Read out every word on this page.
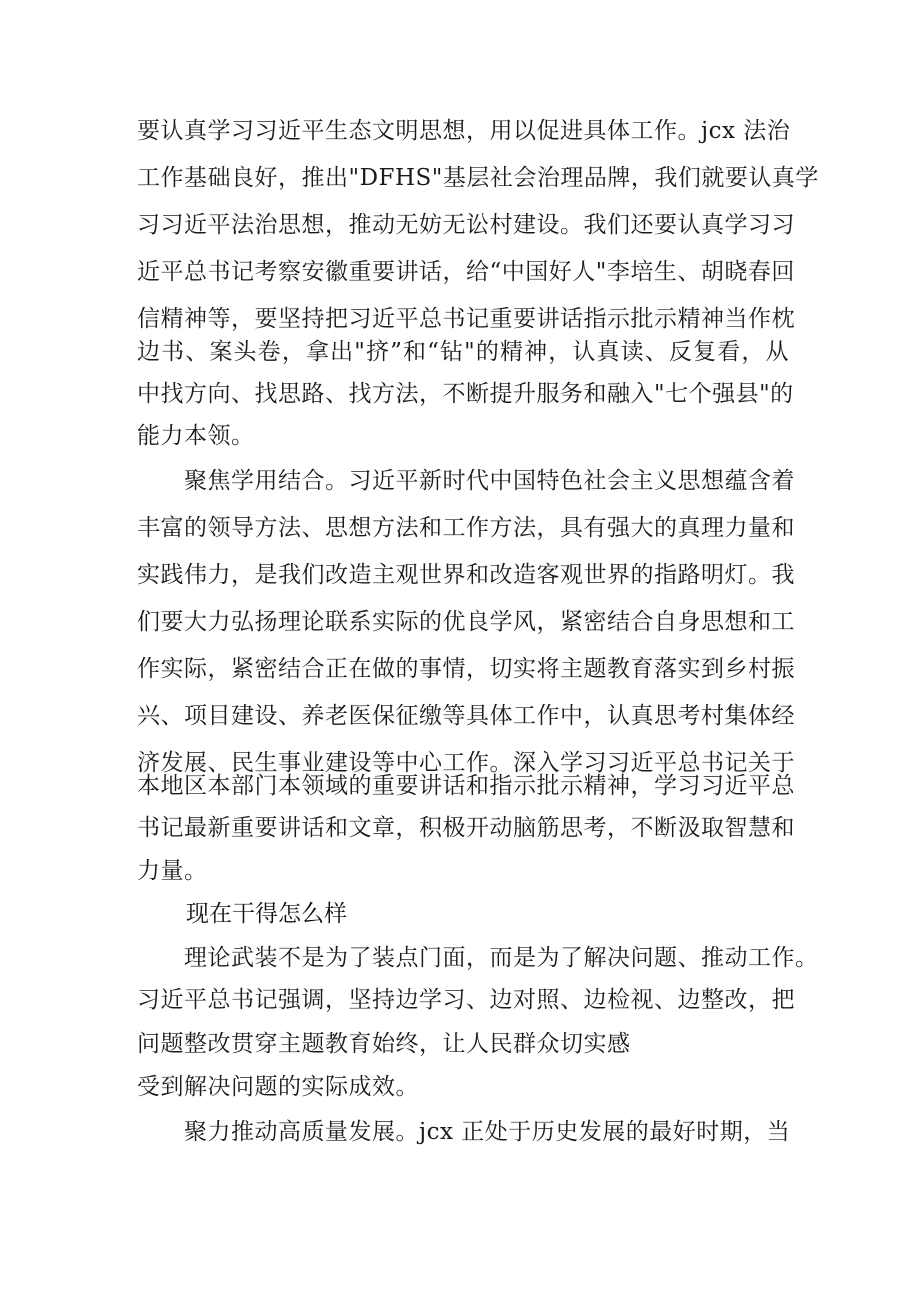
要认真学习习近平生态文明思想，用以促进具体工作。jcx 法治
工作基础良好，推出"DFHS"基层社会治理品牌，我们就要认真学
习习近平法治思想，推动无妨无讼村建设。我们还要认真学习习
近平总书记考察安徽重要讲话，给“中国好人"李培生、胡晓春回
信精神等，要坚持把习近平总书记重要讲话指示批示精神当作枕
边书、案头卷，拿出"挤”和“钻"的精神，认真读、反复看，从
中找方向、找思路、找方法，不断提升服务和融入"七个强县"的
能力本领。
聚焦学用结合。习近平新时代中国特色社会主义思想蕴含着
丰富的领导方法、思想方法和工作方法，具有强大的真理力量和
实践伟力，是我们改造主观世界和改造客观世界的指路明灯。我
们要大力弘扬理论联系实际的优良学风，紧密结合自身思想和工
作实际，紧密结合正在做的事情，切实将主题教育落实到乡村振
兴、项目建设、养老医保征缴等具体工作中，认真思考村集体经
济发展、民生事业建设等中心工作。深入学习习近平总书记关于
本地区本部门本领域的重要讲话和指示批示精神，学习习近平总
书记最新重要讲话和文章，积极开动脑筋思考，不断汲取智慧和
力量。
现在干得怎么样
理论武装不是为了装点门面，而是为了解决问题、推动工作。
习近平总书记强调，坚持边学习、边对照、边检视、边整改，把
问题整改贯穿主题教育始终，让人民群众切实感
受到解决问题的实际成效。
聚力推动高质量发展。jcx 正处于历史发展的最好时期，当
